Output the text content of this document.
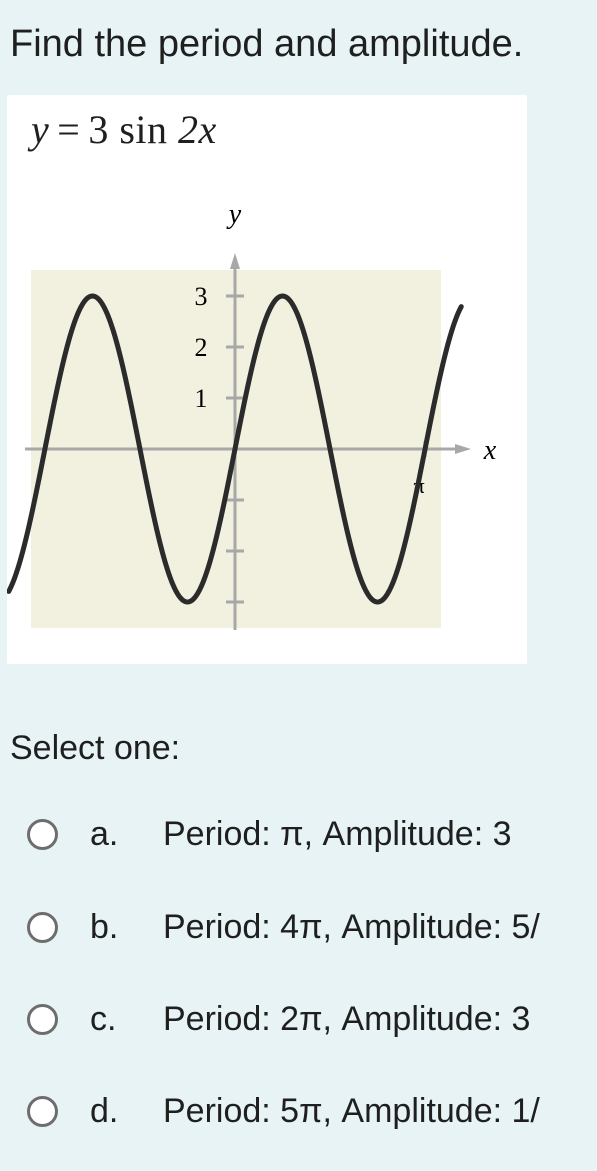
Find the period and amplitude.
y = 3 sin 2x
x
y
3
2
1
π

Select one:

a. Period: π, Amplitude: 3
b. Period: 4π, Amplitude: 5/
c. Period: 2π, Amplitude: 3
d. Period: 5π, Amplitude: 1/
